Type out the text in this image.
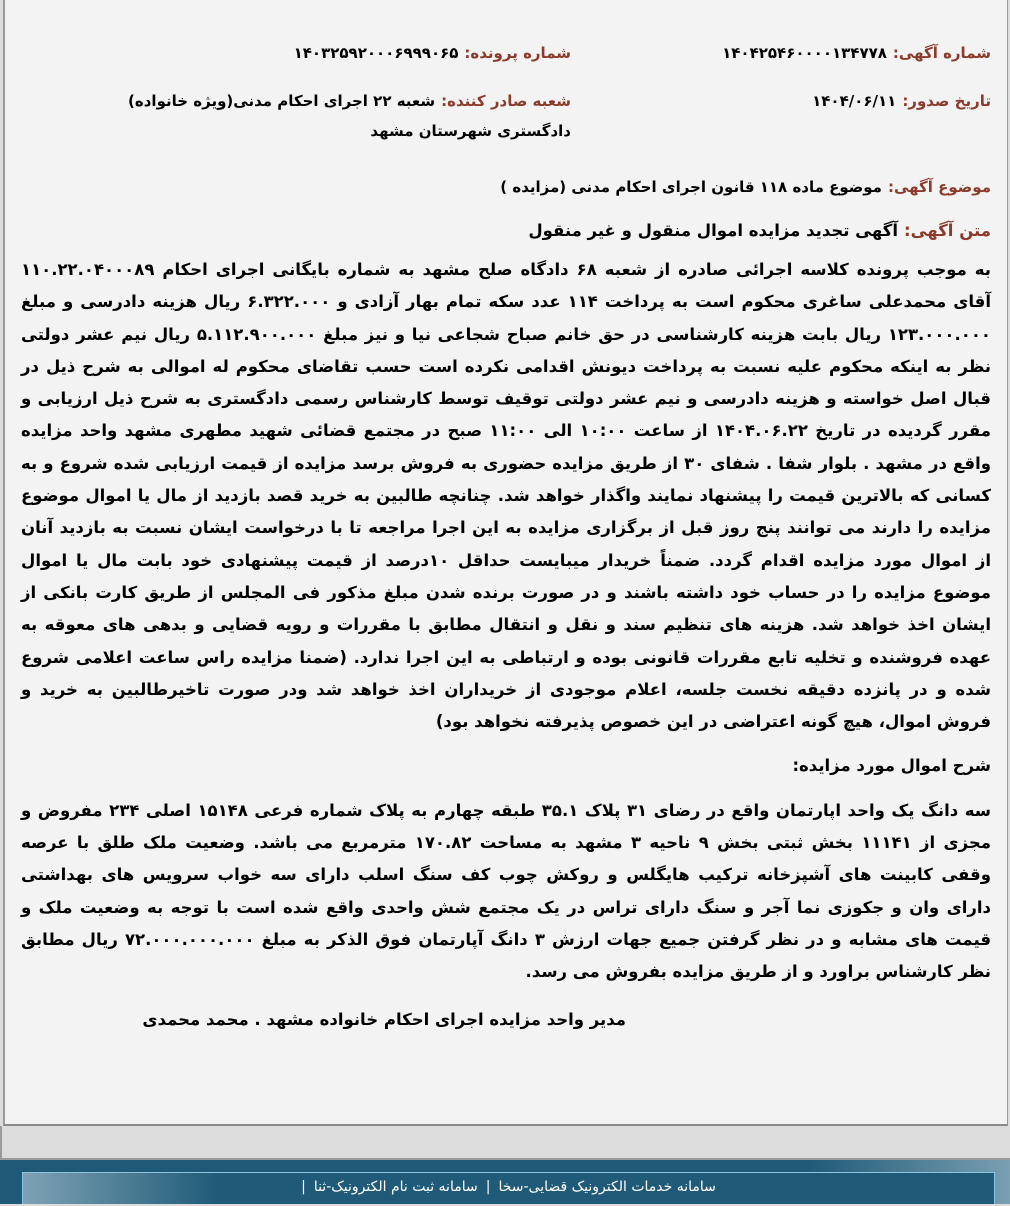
شماره آگهی:۱۴۰۴۲۵۴۶۰۰۰۰۱۳۴۷۷۸
شماره پرونده:۱۴۰۳۲۵۹۲۰۰۰۶۹۹۹۰۶۵
تاریخ صدور:۱۴۰۴/۰۶/۱۱
شعبه صادر کننده:شعبه ۲۲ اجرای احکام مدنی(ویژه خانواده) دادگستری شهرستان مشهد
موضوع آگهی:موضوع ماده ۱۱۸ قانون اجرای احکام مدنی (مزایده )
متن آگهی:آگهی تجدید مزایده اموال منقول و غیر منقول

به موجب پرونده کلاسه اجرائی صادره از شعبه ۶۸ دادگاه صلح مشهد به شماره بایگانی اجرای احکام ۱۱۰.۲۲.۰۴۰۰۰۸۹ آقای محمدعلی ساغری محکوم است به پرداخت ۱۱۴ عدد سکه تمام بهار آزادی و ۶.۳۲۲.۰۰۰ ریال هزینه دادرسی و مبلغ ۱۲۳.۰۰۰.۰۰۰ ریال بابت هزینه کارشناسی در حق خانم صباح شجاعی نیا و نیز مبلغ ۵.۱۱۲.۹۰۰.۰۰۰ ریال نیم عشر دولتی نظر به اینکه محکوم علیه نسبت به پرداخت دیونش اقدامی نکرده است حسب تقاضای محکوم له اموالی به شرح ذیل در قبال اصل خواسته و هزینه دادرسی و نیم عشر دولتی توقیف توسط کارشناس رسمی دادگستری به شرح ذیل ارزیابی و مقرر گردیده در تاریخ ۱۴۰۴.۰۶.۲۲ از ساعت ۱۰:۰۰ الی ۱۱:۰۰ صبح در مجتمع قضائی شهید مطهری مشهد واحد مزایده واقع در مشهد . بلوار شفا . شفای ۳۰ از طریق مزایده حضوری به فروش برسد مزایده از قیمت ارزیابی شده شروع و به کسانی که بالاترین قیمت را پیشنهاد نمایند واگذار خواهد شد. چنانچه طالبین به خرید قصد بازدید از مال یا اموال موضوع مزایده را دارند می توانند پنج روز قبل از برگزاری مزایده به این اجرا مراجعه تا با درخواست ایشان نسبت به بازدید آنان از اموال مورد مزایده اقدام گردد. ضمناً خریدار میبایست حداقل ۱۰درصد از قیمت پیشنهادی خود بابت مال یا اموال موضوع مزایده را در حساب خود داشته باشند و در صورت برنده شدن مبلغ مذکور فی المجلس از طریق کارت بانکی از ایشان اخذ خواهد شد. هزینه های تنظیم سند و نقل و انتقال مطابق با مقررات و رویه قضایی و بدهی های معوقه به عهده فروشنده و تخلیه تابع مقررات قانونی بوده و ارتباطی به این اجرا ندارد. (ضمنا مزایده راس ساعت اعلامی شروع شده و در پانزده دقیقه نخست جلسه، اعلام موجودی از خریداران اخذ خواهد شد ودر صورت تاخیرطالبین به خرید و فروش اموال، هیچ گونه اعتراضی در این خصوص پذیرفته نخواهد بود)

شرح اموال مورد مزایده:

سه دانگ یک واحد اپارتمان واقع در رضای ۳۱ پلاک ۳۵.۱ طبقه چهارم به پلاک شماره فرعی ۱۵۱۴۸ اصلی ۲۳۴ مفروض و مجزی از ۱۱۱۴۱ بخش ثبتی بخش ۹ ناحیه ۳ مشهد به مساحت ۱۷۰.۸۲ مترمربع می باشد. وضعیت ملک طلق با عرصه وقفی کابینت های آشپزخانه ترکیب هایگلس و روکش چوب کف سنگ اسلب دارای سه خواب سرویس های بهداشتی دارای وان و جکوزی نما آجر و سنگ دارای تراس در یک مجتمع شش واحدی واقع شده است با توجه به وضعیت ملک و قیمت های مشابه و در نظر گرفتن جمیع جهات ارزش ۳ دانگ آپارتمان فوق الذکر به مبلغ ۷۲.۰۰۰.۰۰۰.۰۰۰ ریال مطابق نظر کارشناس براورد و از طریق مزایده بفروش می رسد.

مدیر واحد مزایده اجرای احکام خانواده مشهد . محمد محمدی
سامانه خدمات الکترونیک قضایی-سخا|سامانه ثبت نام الکترونیک-ثنا|
